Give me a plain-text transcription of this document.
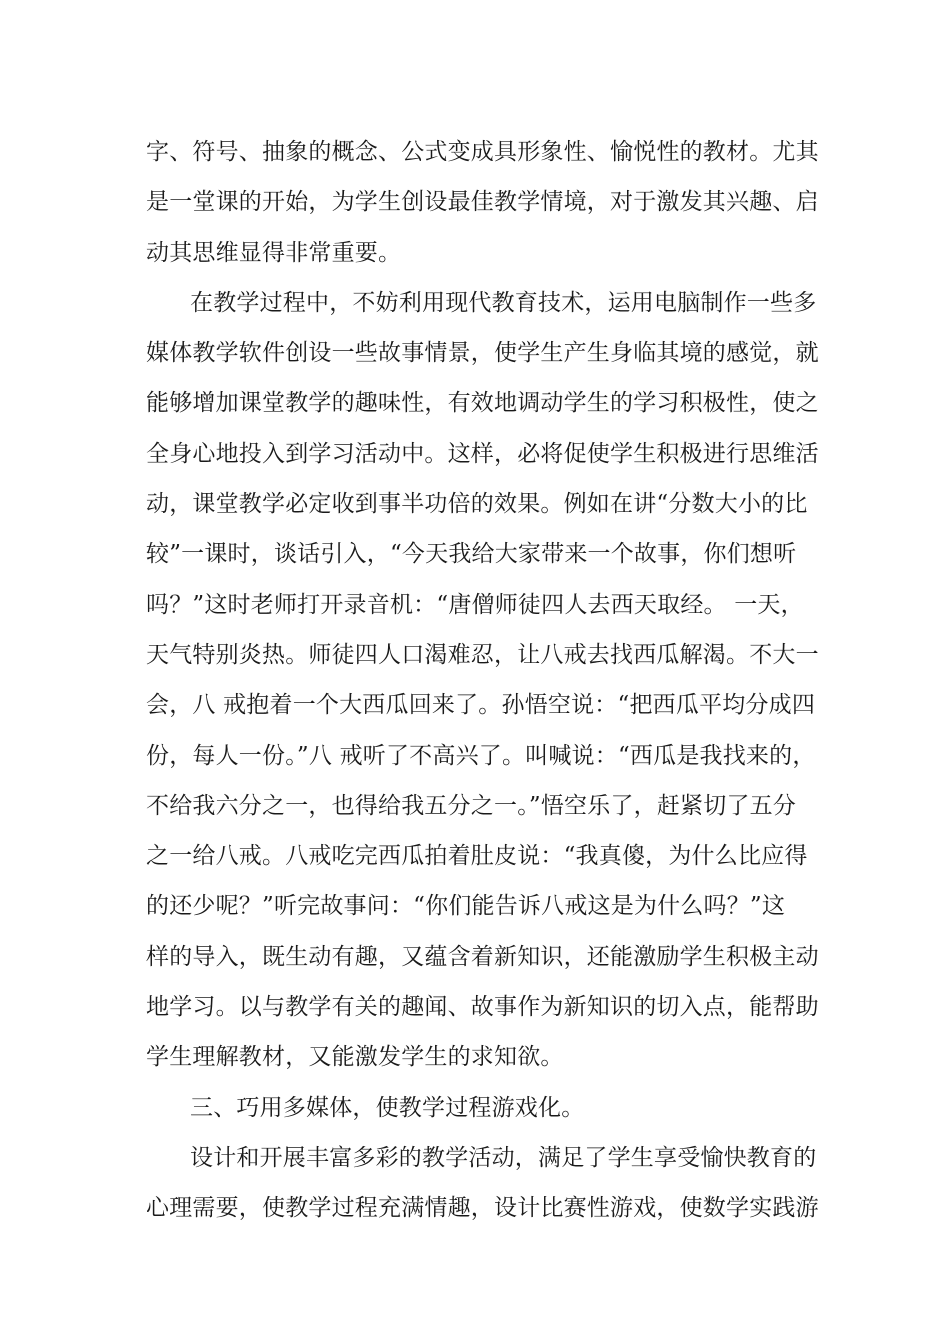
字、符号、抽象的概念、公式变成具形象性、愉悦性的教材。尤其
是一堂课的开始，为学生创设最佳教学情境，对于激发其兴趣、启
动其思维显得非常重要。
在教学过程中，不妨利用现代教育技术，运用电脑制作一些多
媒体教学软件创设一些故事情景，使学生产生身临其境的感觉，就
能够增加课堂教学的趣味性，有效地调动学生的学习积极性，使之
全身心地投入到学习活动中。这样，必将促使学生积极进行思维活
动，课堂教学必定收到事半功倍的效果。例如在讲“分数大小的比
较”一课时，谈话引入，“今天我给大家带来一个故事，你们想听
吗？”这时老师打开录音机：“唐僧师徒四人去西天取经。 一天，
天气特别炎热。师徒四人口渴难忍，让八戒去找西瓜解渴。不大一
会，八 戒抱着一个大西瓜回来了。孙悟空说：“把西瓜平均分成四
份，每人一份。”八 戒听了不高兴了。叫喊说：“西瓜是我找来的，
不给我六分之一，也得给我五分之一。”悟空乐了，赶紧切了五分
之一给八戒。八戒吃完西瓜拍着肚皮说：“我真傻，为什么比应得
的还少呢？”听完故事问：“你们能告诉八戒这是为什么吗？”这
样的导入，既生动有趣，又蕴含着新知识，还能激励学生积极主动
地学习。以与教学有关的趣闻、故事作为新知识的切入点，能帮助
学生理解教材，又能激发学生的求知欲。
三、巧用多媒体，使教学过程游戏化。
设计和开展丰富多彩的教学活动，满足了学生享受愉快教育的
心理需要，使教学过程充满情趣，设计比赛性游戏，使数学实践游
